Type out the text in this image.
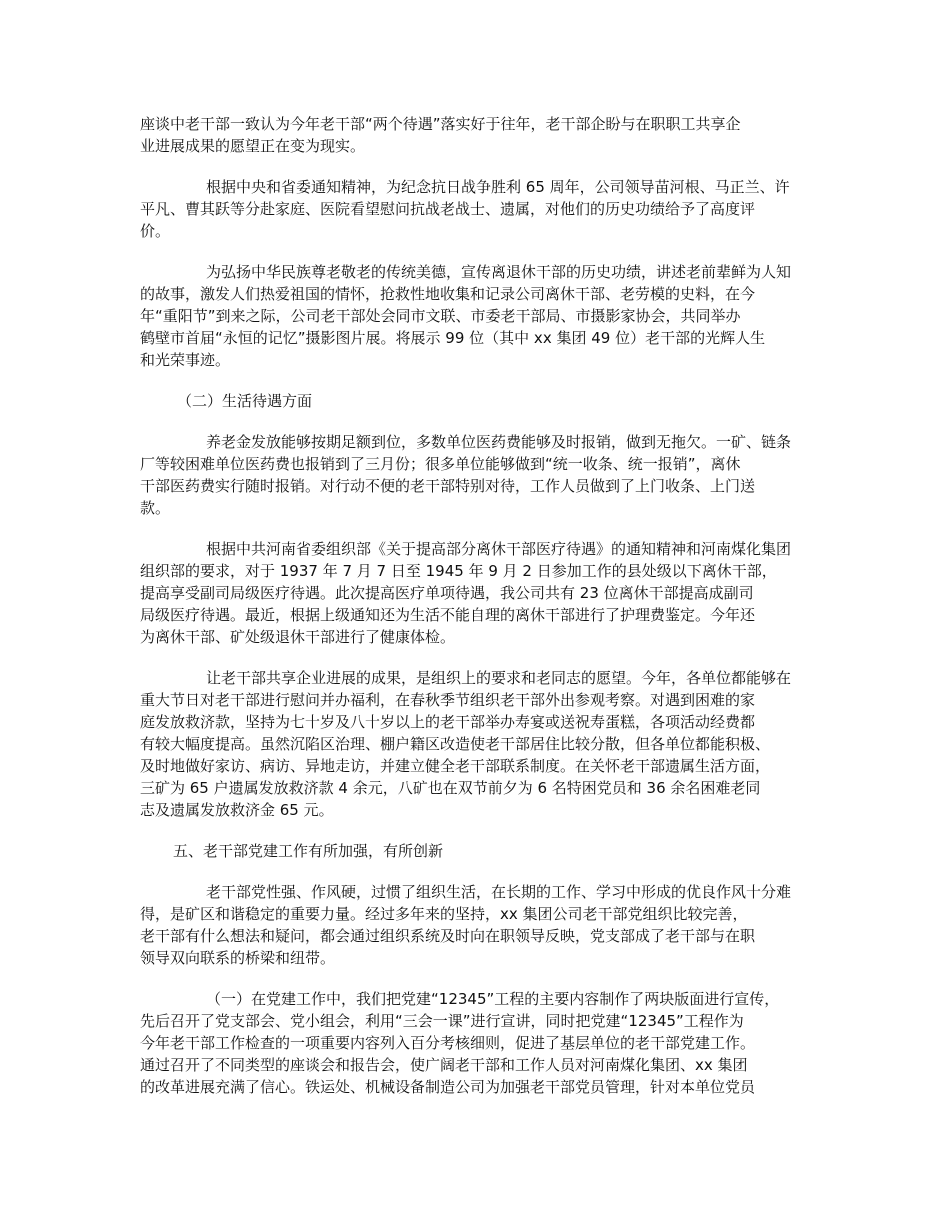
座谈中老干部一致认为今年老干部“两个待遇”落实好于往年，老干部企盼与在职职工共享企
业进展成果的愿望正在变为现实。

根据中央和省委通知精神，为纪念抗日战争胜利 65 周年，公司领导苗河根、马正兰、许
平凡、曹其跃等分赴家庭、医院看望慰问抗战老战士、遗属，对他们的历史功绩给予了高度评
价。

为弘扬中华民族尊老敬老的传统美德，宣传离退休干部的历史功绩，讲述老前辈鲜为人知
的故事，激发人们热爱祖国的情怀，抢救性地收集和记录公司离休干部、老劳模的史料，在今
年“重阳节”到来之际，公司老干部处会同市文联、市委老干部局、市摄影家协会，共同举办
鹤壁市首届“永恒的记忆”摄影图片展。将展示 99 位（其中 xx 集团 49 位）老干部的光辉人生
和光荣事迹。

（二）生活待遇方面

养老金发放能够按期足额到位，多数单位医药费能够及时报销，做到无拖欠。一矿、链条
厂等较困难单位医药费也报销到了三月份；很多单位能够做到“统一收条、统一报销”，离休
干部医药费实行随时报销。对行动不便的老干部特别对待，工作人员做到了上门收条、上门送
款。

根据中共河南省委组织部《关于提高部分离休干部医疗待遇》的通知精神和河南煤化集团
组织部的要求，对于 1937 年 7 月 7 日至 1945 年 9 月 2 日参加工作的县处级以下离休干部，
提高享受副司局级医疗待遇。此次提高医疗单项待遇，我公司共有 23 位离休干部提高成副司
局级医疗待遇。最近，根据上级通知还为生活不能自理的离休干部进行了护理费鉴定。今年还
为离休干部、矿处级退休干部进行了健康体检。

让老干部共享企业进展的成果，是组织上的要求和老同志的愿望。今年，各单位都能够在
重大节日对老干部进行慰问并办福利，在春秋季节组织老干部外出参观考察。对遇到困难的家
庭发放救济款，坚持为七十岁及八十岁以上的老干部举办寿宴或送祝寿蛋糕，各项活动经费都
有较大幅度提高。虽然沉陷区治理、棚户籍区改造使老干部居住比较分散，但各单位都能积极、
及时地做好家访、病访、异地走访，并建立健全老干部联系制度。在关怀老干部遗属生活方面，
三矿为 65 户遗属发放救济款 4 余元，八矿也在双节前夕为 6 名特困党员和 36 余名困难老同
志及遗属发放救济金 65 元。

五、老干部党建工作有所加强，有所创新

老干部党性强、作风硬，过惯了组织生活，在长期的工作、学习中形成的优良作风十分难
得，是矿区和谐稳定的重要力量。经过多年来的坚持，xx 集团公司老干部党组织比较完善，
老干部有什么想法和疑问，都会通过组织系统及时向在职领导反映，党支部成了老干部与在职
领导双向联系的桥梁和纽带。

（一）在党建工作中，我们把党建“12345”工程的主要内容制作了两块版面进行宣传，
先后召开了党支部会、党小组会，利用“三会一课”进行宣讲，同时把党建“12345”工程作为
今年老干部工作检查的一项重要内容列入百分考核细则，促进了基层单位的老干部党建工作。
通过召开了不同类型的座谈会和报告会，使广阔老干部和工作人员对河南煤化集团、xx 集团
的改革进展充满了信心。铁运处、机械设备制造公司为加强老干部党员管理，针对本单位党员
